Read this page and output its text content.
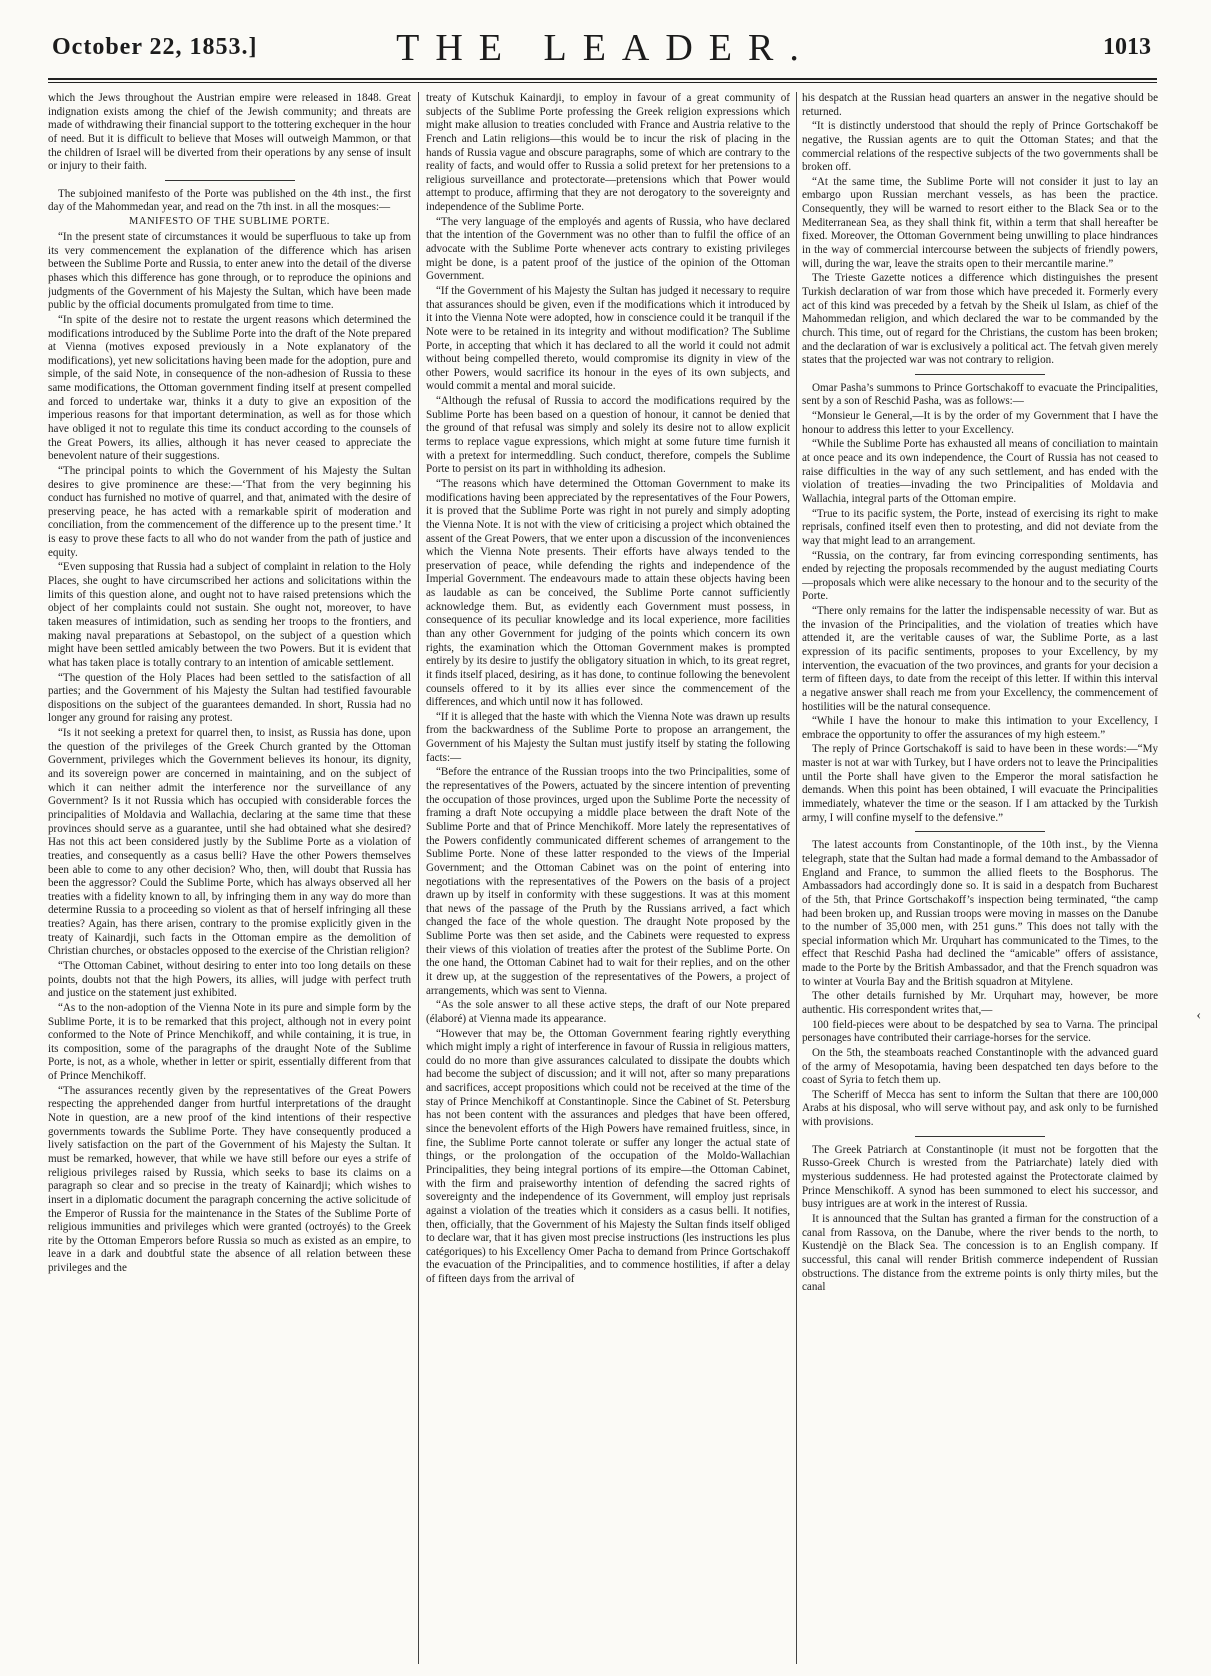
October 22, 1853.]	THE LEADER.	1013

which the Jews throughout the Austrian empire were released in 1848. Great indignation exists among the chief of the Jewish community; and threats are made of withdrawing their financial support to the tottering exchequer in the hour of need. But it is difficult to believe that Moses will outweigh Mammon, or that the children of Israel will be diverted from their operations by any sense of insult or injury to their faith.

The subjoined manifesto of the Porte was published on the 4th inst., the first day of the Mahommedan year, and read on the 7th inst. in all the mosques:—

MANIFESTO OF THE SUBLIME PORTE.

“In the present state of circumstances it would be superfluous to take up from its very commencement the explanation of the difference which has arisen between the Sublime Porte and Russia, to enter anew into the detail of the diverse phases which this difference has gone through, or to reproduce the opinions and judgments of the Government of his Majesty the Sultan, which have been made public by the official documents promulgated from time to time.

“In spite of the desire not to restate the urgent reasons which determined the modifications introduced by the Sublime Porte into the draft of the Note prepared at Vienna (motives exposed previously in a Note explanatory of the modifications), yet new solicitations having been made for the adoption, pure and simple, of the said Note, in consequence of the non-adhesion of Russia to these same modifications, the Ottoman government finding itself at present compelled and forced to undertake war, thinks it a duty to give an exposition of the imperious reasons for that important determination, as well as for those which have obliged it not to regulate this time its conduct according to the counsels of the Great Powers, its allies, although it has never ceased to appreciate the benevolent nature of their suggestions.

“The principal points to which the Government of his Majesty the Sultan desires to give prominence are these:—‘That from the very beginning his conduct has furnished no motive of quarrel, and that, animated with the desire of preserving peace, he has acted with a remarkable spirit of moderation and conciliation, from the commencement of the difference up to the present time.’ It is easy to prove these facts to all who do not wander from the path of justice and equity.

“Even supposing that Russia had a subject of complaint in relation to the Holy Places, she ought to have circumscribed her actions and solicitations within the limits of this question alone, and ought not to have raised pretensions which the object of her complaints could not sustain. She ought not, moreover, to have taken measures of intimidation, such as sending her troops to the frontiers, and making naval preparations at Sebastopol, on the subject of a question which might have been settled amicably between the two Powers. But it is evident that what has taken place is totally contrary to an intention of amicable settlement.

“The question of the Holy Places had been settled to the satisfaction of all parties; and the Government of his Majesty the Sultan had testified favourable dispositions on the subject of the guarantees demanded. In short, Russia had no longer any ground for raising any protest.

“Is it not seeking a pretext for quarrel then, to insist, as Russia has done, upon the question of the privileges of the Greek Church granted by the Ottoman Government, privileges which the Government believes its honour, its dignity, and its sovereign power are concerned in maintaining, and on the subject of which it can neither admit the interference nor the surveillance of any Government? Is it not Russia which has occupied with considerable forces the principalities of Moldavia and Wallachia, declaring at the same time that these provinces should serve as a guarantee, until she had obtained what she desired? Has not this act been considered justly by the Sublime Porte as a violation of treaties, and consequently as a casus belli? Have the other Powers themselves been able to come to any other decision? Who, then, will doubt that Russia has been the aggressor? Could the Sublime Porte, which has always observed all her treaties with a fidelity known to all, by infringing them in any way do more than determine Russia to a proceeding so violent as that of herself infringing all these treaties? Again, has there arisen, contrary to the promise explicitly given in the treaty of Kainardji, such facts in the Ottoman empire as the demolition of Christian churches, or obstacles opposed to the exercise of the Christian religion?

“The Ottoman Cabinet, without desiring to enter into too long details on these points, doubts not that the high Powers, its allies, will judge with perfect truth and justice on the statement just exhibited.

“As to the non-adoption of the Vienna Note in its pure and simple form by the Sublime Porte, it is to be remarked that this project, although not in every point conformed to the Note of Prince Menchikoff, and while containing, it is true, in its composition, some of the paragraphs of the draught Note of the Sublime Porte, is not, as a whole, whether in letter or spirit, essentially different from that of Prince Menchikoff.

“The assurances recently given by the representatives of the Great Powers respecting the apprehended danger from hurtful interpretations of the draught Note in question, are a new proof of the kind intentions of their respective governments towards the Sublime Porte. They have consequently produced a lively satisfaction on the part of the Government of his Majesty the Sultan. It must be remarked, however, that while we have still before our eyes a strife of religious privileges raised by Russia, which seeks to base its claims on a paragraph so clear and so precise in the treaty of Kainardji; which wishes to insert in a diplomatic document the paragraph concerning the active solicitude of the Emperor of Russia for the maintenance in the States of the Sublime Porte of religious immunities and privileges which were granted (octroyés) to the Greek rite by the Ottoman Emperors before Russia so much as existed as an empire, to leave in a dark and doubtful state the absence of all relation between these privileges and the

treaty of Kutschuk Kainardji, to employ in favour of a great community of subjects of the Sublime Porte professing the Greek religion expressions which might make allusion to treaties concluded with France and Austria relative to the French and Latin religions—this would be to incur the risk of placing in the hands of Russia vague and obscure paragraphs, some of which are contrary to the reality of facts, and would offer to Russia a solid pretext for her pretensions to a religious surveillance and protectorate—pretensions which that Power would attempt to produce, affirming that they are not derogatory to the sovereignty and independence of the Sublime Porte.

“The very language of the employés and agents of Russia, who have declared that the intention of the Government was no other than to fulfil the office of an advocate with the Sublime Porte whenever acts contrary to existing privileges might be done, is a patent proof of the justice of the opinion of the Ottoman Government.

“If the Government of his Majesty the Sultan has judged it necessary to require that assurances should be given, even if the modifications which it introduced by it into the Vienna Note were adopted, how in conscience could it be tranquil if the Note were to be retained in its integrity and without modification? The Sublime Porte, in accepting that which it has declared to all the world it could not admit without being compelled thereto, would compromise its dignity in view of the other Powers, would sacrifice its honour in the eyes of its own subjects, and would commit a mental and moral suicide.

“Although the refusal of Russia to accord the modifications required by the Sublime Porte has been based on a question of honour, it cannot be denied that the ground of that refusal was simply and solely its desire not to allow explicit terms to replace vague expressions, which might at some future time furnish it with a pretext for intermeddling. Such conduct, therefore, compels the Sublime Porte to persist on its part in withholding its adhesion.

“The reasons which have determined the Ottoman Government to make its modifications having been appreciated by the representatives of the Four Powers, it is proved that the Sublime Porte was right in not purely and simply adopting the Vienna Note. It is not with the view of criticising a project which obtained the assent of the Great Powers, that we enter upon a discussion of the inconveniences which the Vienna Note presents. Their efforts have always tended to the preservation of peace, while defending the rights and independence of the Imperial Government. The endeavours made to attain these objects having been as laudable as can be conceived, the Sublime Porte cannot sufficiently acknowledge them. But, as evidently each Government must possess, in consequence of its peculiar knowledge and its local experience, more facilities than any other Government for judging of the points which concern its own rights, the examination which the Ottoman Government makes is prompted entirely by its desire to justify the obligatory situation in which, to its great regret, it finds itself placed, desiring, as it has done, to continue following the benevolent counsels offered to it by its allies ever since the commencement of the differences, and which until now it has followed.

“If it is alleged that the haste with which the Vienna Note was drawn up results from the backwardness of the Sublime Porte to propose an arrangement, the Government of his Majesty the Sultan must justify itself by stating the following facts:—

“Before the entrance of the Russian troops into the two Principalities, some of the representatives of the Powers, actuated by the sincere intention of preventing the occupation of those provinces, urged upon the Sublime Porte the necessity of framing a draft Note occupying a middle place between the draft Note of the Sublime Porte and that of Prince Menchikoff. More lately the representatives of the Powers confidently communicated different schemes of arrangement to the Sublime Porte. None of these latter responded to the views of the Imperial Government; and the Ottoman Cabinet was on the point of entering into negotiations with the representatives of the Powers on the basis of a project drawn up by itself in conformity with these suggestions. It was at this moment that news of the passage of the Pruth by the Russians arrived, a fact which changed the face of the whole question. The draught Note proposed by the Sublime Porte was then set aside, and the Cabinets were requested to express their views of this violation of treaties after the protest of the Sublime Porte. On the one hand, the Ottoman Cabinet had to wait for their replies, and on the other it drew up, at the suggestion of the representatives of the Powers, a project of arrangements, which was sent to Vienna.

“As the sole answer to all these active steps, the draft of our Note prepared (élaboré) at Vienna made its appearance.

“However that may be, the Ottoman Government fearing rightly everything which might imply a right of interference in favour of Russia in religious matters, could do no more than give assurances calculated to dissipate the doubts which had become the subject of discussion; and it will not, after so many preparations and sacrifices, accept propositions which could not be received at the time of the stay of Prince Menchikoff at Constantinople. Since the Cabinet of St. Petersburg has not been content with the assurances and pledges that have been offered, since the benevolent efforts of the High Powers have remained fruitless, since, in fine, the Sublime Porte cannot tolerate or suffer any longer the actual state of things, or the prolongation of the occupation of the Moldo-Wallachian Principalities, they being integral portions of its empire—the Ottoman Cabinet, with the firm and praiseworthy intention of defending the sacred rights of sovereignty and the independence of its Government, will employ just reprisals against a violation of the treaties which it considers as a casus belli. It notifies, then, officially, that the Government of his Majesty the Sultan finds itself obliged to declare war, that it has given most precise instructions (les instructions les plus catégoriques) to his Excellency Omer Pacha to demand from Prince Gortschakoff the evacuation of the Principalities, and to commence hostilities, if after a delay of fifteen days from the arrival of

his despatch at the Russian head quarters an answer in the negative should be returned.

“It is distinctly understood that should the reply of Prince Gortschakoff be negative, the Russian agents are to quit the Ottoman States; and that the commercial relations of the respective subjects of the two governments shall be broken off.

“At the same time, the Sublime Porte will not consider it just to lay an embargo upon Russian merchant vessels, as has been the practice. Consequently, they will be warned to resort either to the Black Sea or to the Mediterranean Sea, as they shall think fit, within a term that shall hereafter be fixed. Moreover, the Ottoman Government being unwilling to place hindrances in the way of commercial intercourse between the subjects of friendly powers, will, during the war, leave the straits open to their mercantile marine.”

The Trieste Gazette notices a difference which distinguishes the present Turkish declaration of war from those which have preceded it. Formerly every act of this kind was preceded by a fetvah by the Sheik ul Islam, as chief of the Mahommedan religion, and which declared the war to be commanded by the church. This time, out of regard for the Christians, the custom has been broken; and the declaration of war is exclusively a political act. The fetvah given merely states that the projected war was not contrary to religion.

Omar Pasha’s summons to Prince Gortschakoff to evacuate the Principalities, sent by a son of Reschid Pasha, was as follows:—

“Monsieur le General,—It is by the order of my Government that I have the honour to address this letter to your Excellency.

“While the Sublime Porte has exhausted all means of conciliation to maintain at once peace and its own independence, the Court of Russia has not ceased to raise difficulties in the way of any such settlement, and has ended with the violation of treaties—invading the two Principalities of Moldavia and Wallachia, integral parts of the Ottoman empire.

“True to its pacific system, the Porte, instead of exercising its right to make reprisals, confined itself even then to protesting, and did not deviate from the way that might lead to an arrangement.

“Russia, on the contrary, far from evincing corresponding sentiments, has ended by rejecting the proposals recommended by the august mediating Courts—proposals which were alike necessary to the honour and to the security of the Porte.

“There only remains for the latter the indispensable necessity of war. But as the invasion of the Principalities, and the violation of treaties which have attended it, are the veritable causes of war, the Sublime Porte, as a last expression of its pacific sentiments, proposes to your Excellency, by my intervention, the evacuation of the two provinces, and grants for your decision a term of fifteen days, to date from the receipt of this letter. If within this interval a negative answer shall reach me from your Excellency, the commencement of hostilities will be the natural consequence.

“While I have the honour to make this intimation to your Excellency, I embrace the opportunity to offer the assurances of my high esteem.”

The reply of Prince Gortschakoff is said to have been in these words:—“My master is not at war with Turkey, but I have orders not to leave the Principalities until the Porte shall have given to the Emperor the moral satisfaction he demands. When this point has been obtained, I will evacuate the Principalities immediately, whatever the time or the season. If I am attacked by the Turkish army, I will confine myself to the defensive.”

The latest accounts from Constantinople, of the 10th inst., by the Vienna telegraph, state that the Sultan had made a formal demand to the Ambassador of England and France, to summon the allied fleets to the Bosphorus. The Ambassadors had accordingly done so. It is said in a despatch from Bucharest of the 5th, that Prince Gortschakoff’s inspection being terminated, “the camp had been broken up, and Russian troops were moving in masses on the Danube to the number of 35,000 men, with 251 guns.” This does not tally with the special information which Mr. Urquhart has communicated to the Times, to the effect that Reschid Pasha had declined the “amicable” offers of assistance, made to the Porte by the British Ambassador, and that the French squadron was to winter at Vourla Bay and the British squadron at Mitylene.

The other details furnished by Mr. Urquhart may, however, be more authentic. His correspondent writes that,—

100 field-pieces were about to be despatched by sea to Varna. The principal personages have contributed their carriage-horses for the service.

On the 5th, the steamboats reached Constantinople with the advanced guard of the army of Mesopotamia, having been despatched ten days before to the coast of Syria to fetch them up.

The Scheriff of Mecca has sent to inform the Sultan that there are 100,000 Arabs at his disposal, who will serve without pay, and ask only to be furnished with provisions.

The Greek Patriarch at Constantinople (it must not be forgotten that the Russo-Greek Church is wrested from the Patriarchate) lately died with mysterious suddenness. He had protested against the Protectorate claimed by Prince Menschikoff. A synod has been summoned to elect his successor, and busy intrigues are at work in the interest of Russia.

It is announced that the Sultan has granted a firman for the construction of a canal from Rassova, on the Danube, where the river bends to the north, to Kustendjè on the Black Sea. The concession is to an English company. If successful, this canal will render British commerce independent of Russian obstructions. The distance from the extreme points is only thirty miles, but the canal

‹
